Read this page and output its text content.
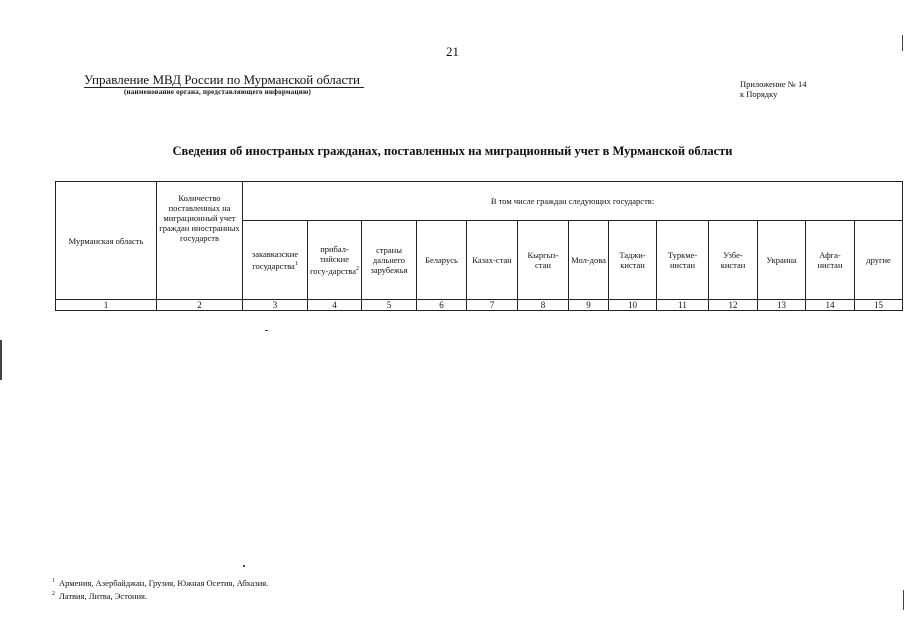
21
Управление МВД России по Мурманской области
(наименование органа, представляющего информацию)
Приложение № 14
к Порядку
Сведения об иностраных гражданах, поставленных на миграционный учет в Мурманской области
Мурманская область	Количество поставленных на миграционный учет граждан иностранных государств	В том числе граждан следующих государств:												
		закавказские государства$^1$	прибал-тийские госу-дарства$^2$	страны дальнего зарубежья	Беларусь	Казах-стан	Кыргыз-стан	Мол-дова	Таджи-кистан	Туркме-нистан	Узбе-кистан	Украина	Афга-нистан	другие
1	2	3	4	5	6	7	8	9	10	11	12	13	14	15
$^1$ Армения, Азербайджан, Грузия, Южная Осетия, Абхазия.
$^2$ Латвия, Литва, Эстония.
